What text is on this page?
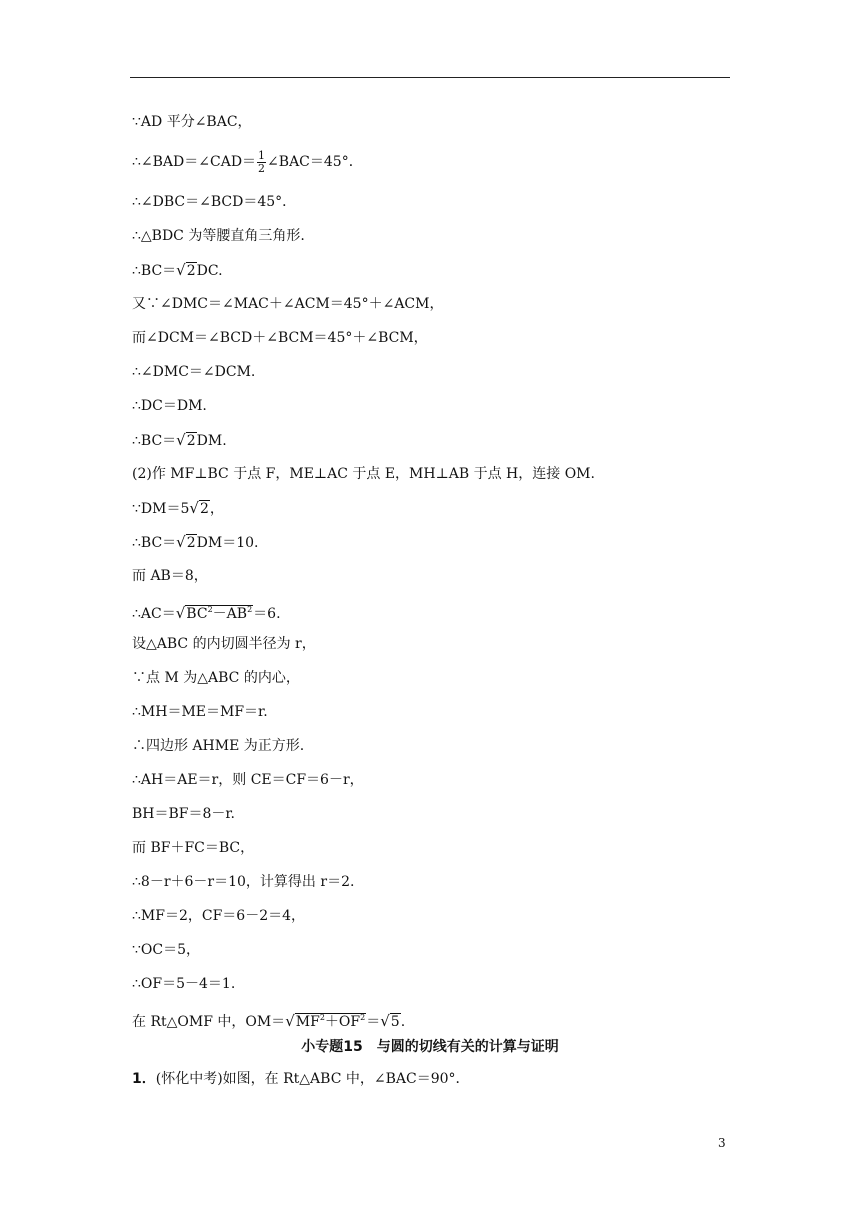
∵AD 平分∠BAC，
∴∠BAD＝∠CAD＝ $\frac{1}{2}$ ∠BAC＝45°．
∴∠DBC＝∠BCD＝45°．
∴△BDC 为等腰直角三角形.
∴BC＝√2DC.
又∵∠DMC＝∠MAC＋∠ACM＝45°＋∠ACM，
而∠DCM＝∠BCD＋∠BCM＝45°＋∠BCM，
∴∠DMC＝∠DCM.
∴DC＝DM.
∴BC＝√2DM.
(2)作 MF⊥BC 于点 F，ME⊥AC 于点 E，MH⊥AB 于点 H，连接 OM.
∵DM＝5√2，
∴BC＝√2DM＝10.
而 AB＝8，
$\therefore AC=√BC^2-AB^2=6$.
设△ABC 的内切圆半径为 r，
∵点 M 为△ABC 的内心，
∴MH＝ME＝MF＝r.
∴四边形 AHME 为正方形.
∴AH＝AE＝r，则 CE＝CF＝6－r，
BH＝BF＝8－r.
而 BF＋FC＝BC，
∴8－r＋6－r＝10，计算得出 r＝2.
∴MF＝2，CF＝6－2＝4，
∵OC＝5，
∴OF＝5－4＝1.
在 Rt△OMF 中，$OM=√MF^2+OF^2=√5$.
小专题15　与圆的切线有关的计算与证明
1．(怀化中考)如图，在 Rt△ABC 中，∠BAC＝90°．
3
